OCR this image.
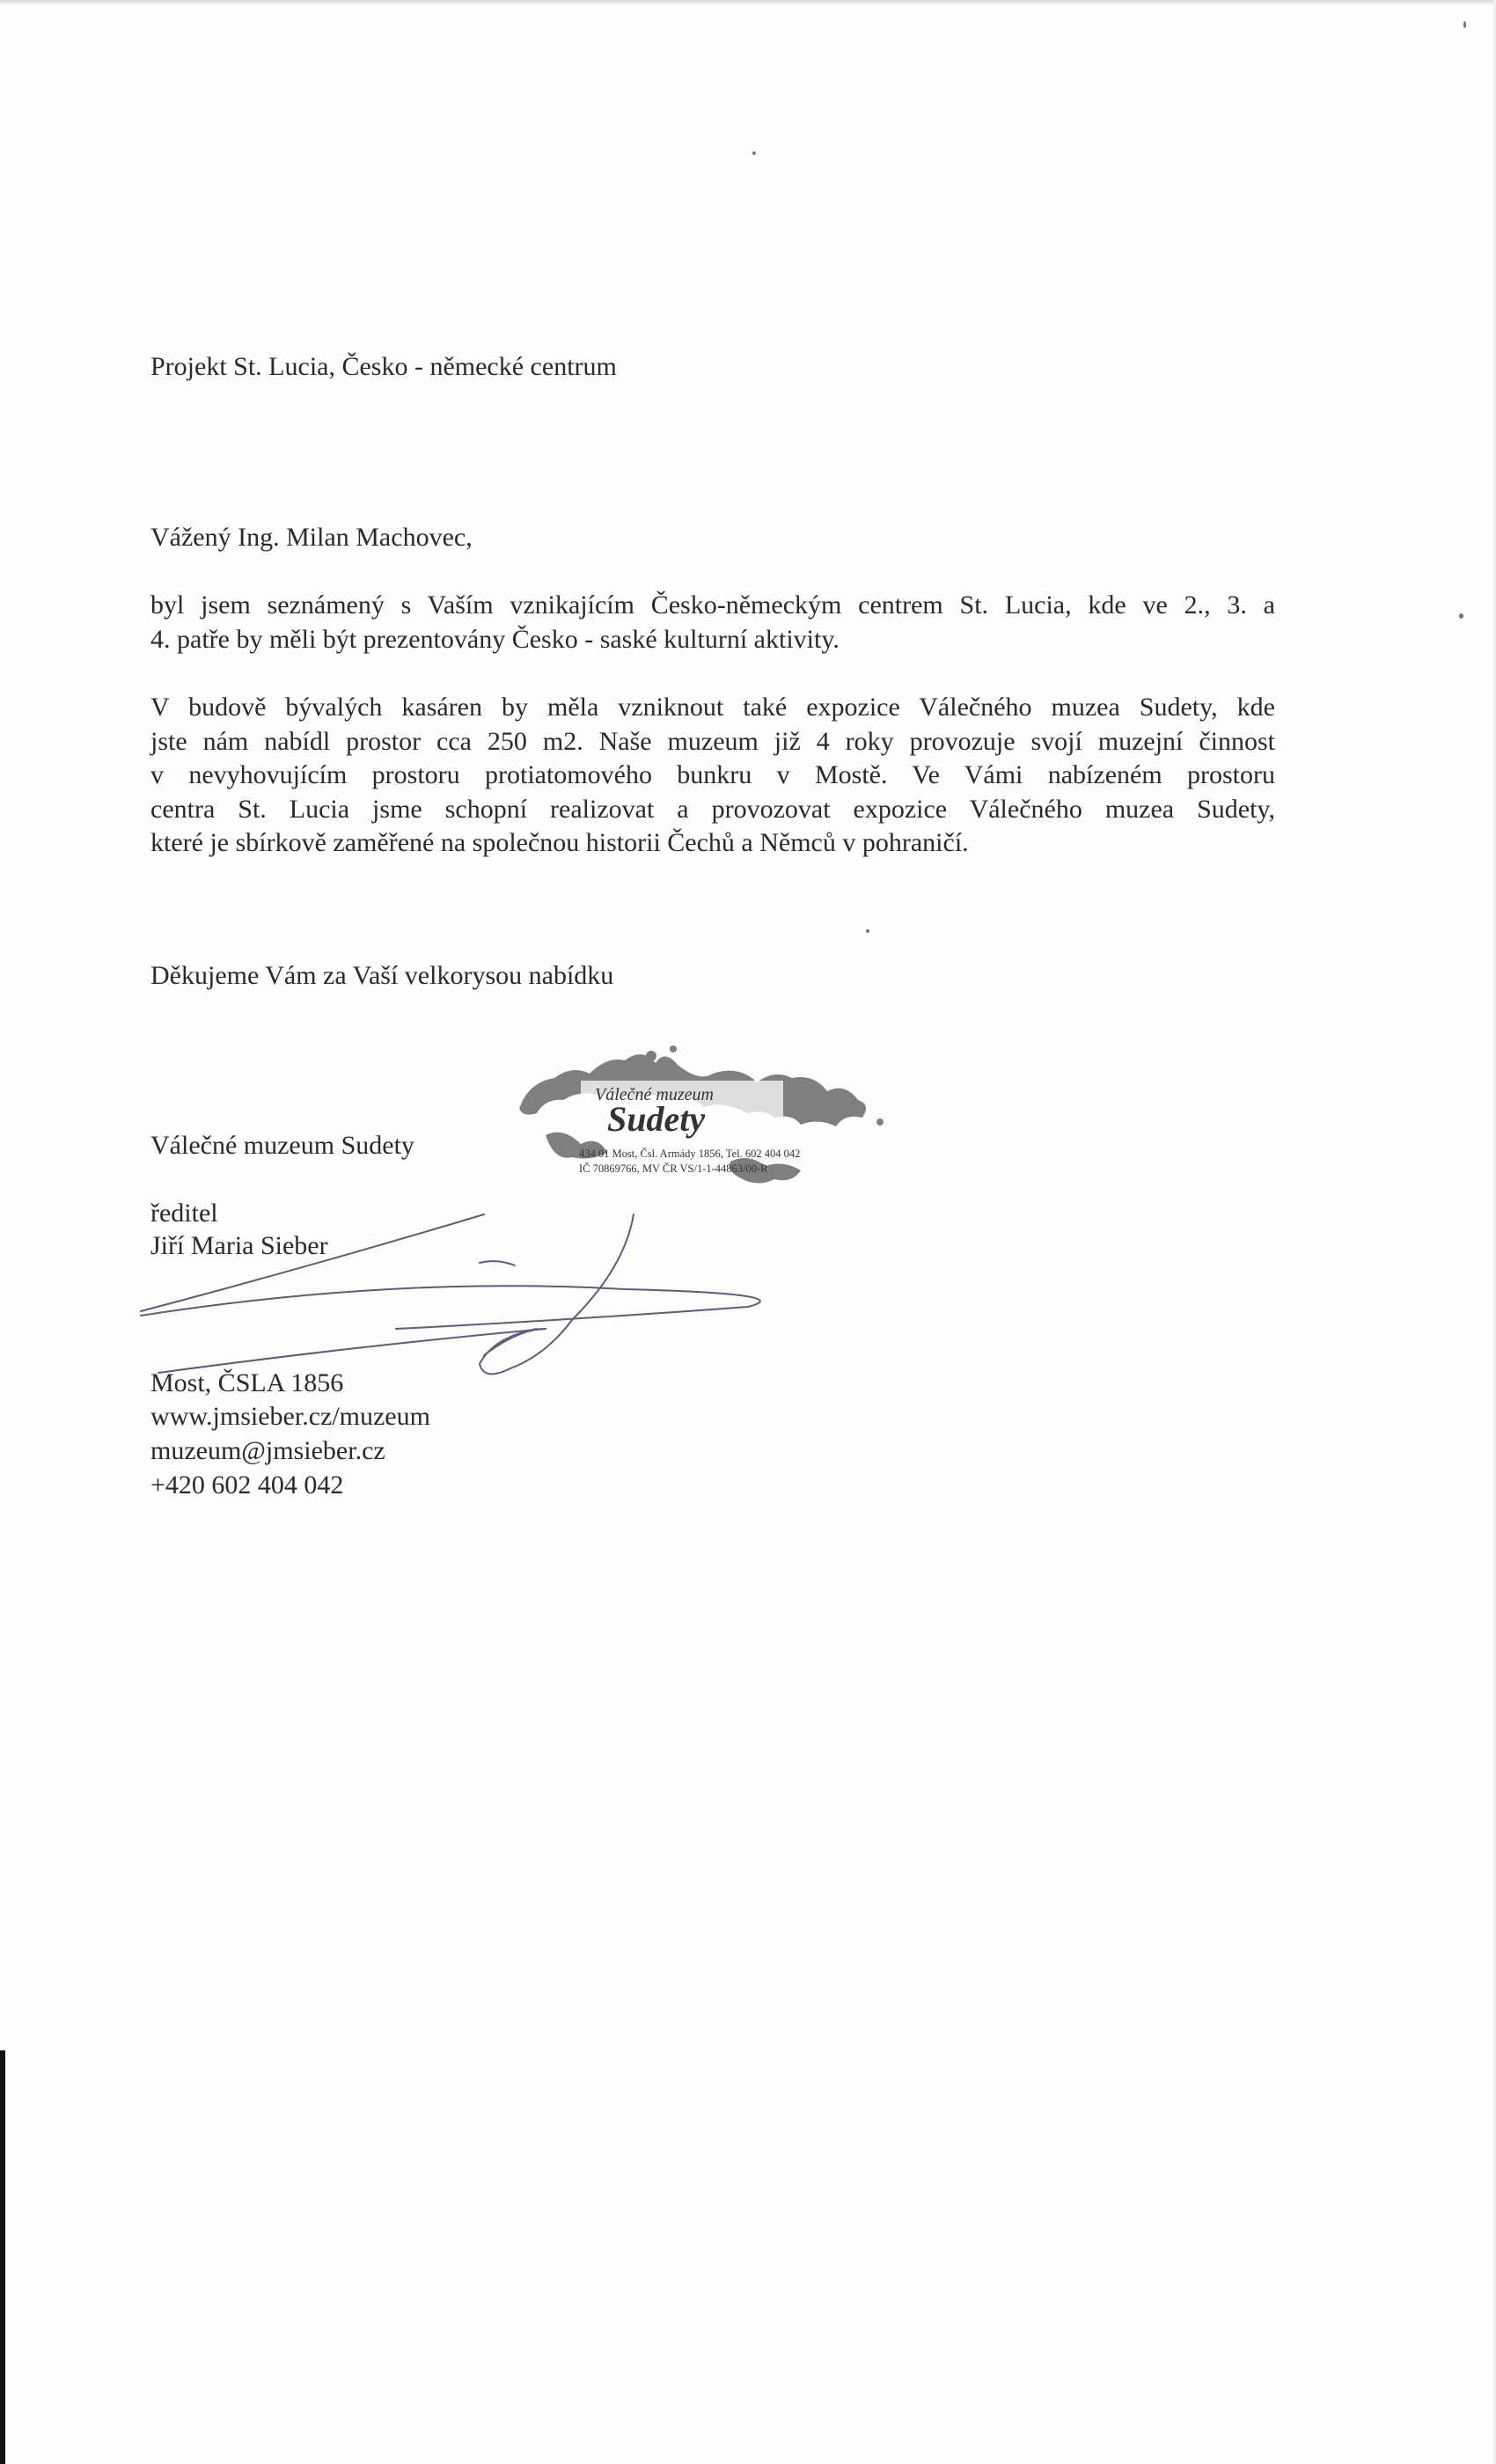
Projekt St. Lucia, Česko - německé centrum

Vážený Ing. Milan Machovec,

byl jsem seznámený s Vaším vznikajícím Česko-německým centrem St. Lucia, kde ve 2., 3. a
4. patře by měli být prezentovány Česko - saské kulturní aktivity.
V budově bývalých kasáren by měla vzniknout také expozice Válečného muzea Sudety, kde
jste nám nabídl prostor cca 250 m2. Naše muzeum již 4 roky provozuje svojí muzejní činnost
v nevyhovujícím prostoru protiatomového bunkru v Mostě. Ve Vámi nabízeném prostoru
centra St. Lucia jsme schopní realizovat a provozovat expozice Válečného muzea Sudety,
které je sbírkově zaměřené na společnou historii Čechů a Němců v pohraničí.

Děkujeme Vám za Vaší velkorysou nabídku

Válečné muzeum Sudety

ředitel

Jiří Maria Sieber

Most, ČSLA 1856

www.jmsieber.cz/muzeum

muzeum@jmsieber.cz

+420 602 404 042

Válečné muzeum
Sudety
434 01 Most, Čsl. Armády 1856, Tel. 602 404 042
IČ 70869766, MV ČR VS/1-1-44863/00-R
